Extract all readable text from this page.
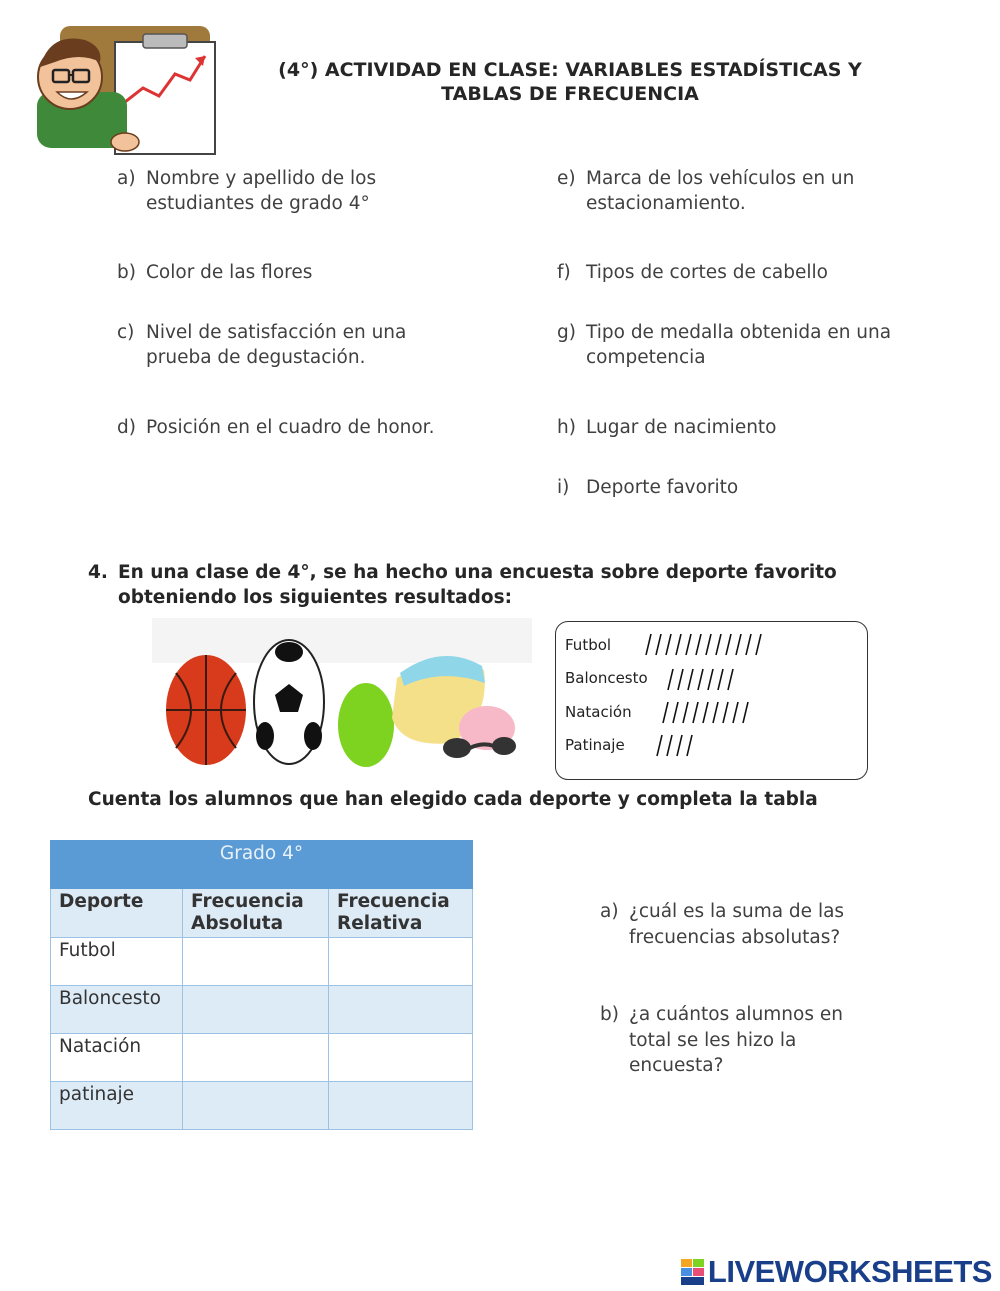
(4°) ACTIVIDAD EN CLASE: VARIABLES ESTADÍSTICAS Y
TABLAS DE FRECUENCIA
a) Nombre y apellido de los estudiantes de grado 4°
b) Color de las flores
c) Nivel de satisfacción en una prueba de degustación.
d) Posición en el cuadro de honor.
e) Marca de los vehículos en un estacionamiento.
f) Tipos de cortes de cabello
g) Tipo de medalla obtenida en una competencia
h) Lugar de nacimiento
i) Deporte favorito
4. En una clase de 4°, se ha hecho una encuesta sobre deporte favorito obteniendo los siguientes resultados:
Futbol
Baloncesto
Natación
Patinaje
Cuenta los alumnos que han elegido cada deporte y completa la tabla
Grado 4°		
Deporte	Frecuencia Absoluta	Frecuencia Relativa
Futbol		
Baloncesto		
Natación		
patinaje		
a) ¿cuál es la suma de las frecuencias absolutas?
b) ¿a cuántos alumnos en total se les hizo la encuesta?
LIVEWORKSHEETS
